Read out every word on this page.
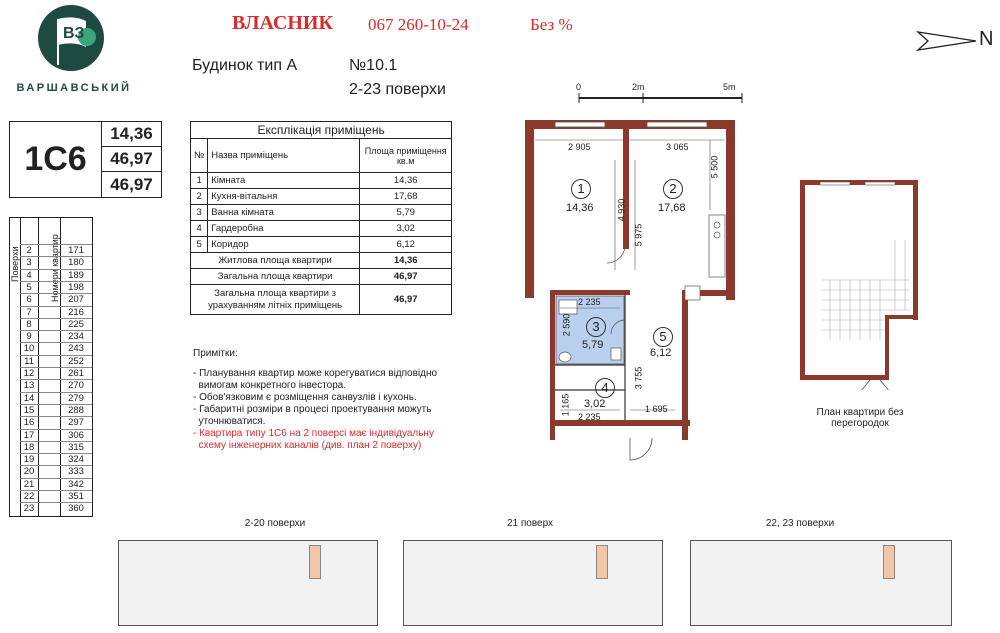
ВЗ
ВАРШАВСЬКИЙ
ВЛАСНИК 067 260-10-24	Без %
Будинок тип А	№10.1
2-23 поверхи
N
0	2m	5m
1С6
14,36
46,97
46,97
Поверхи	Номери квартир
2	171
3	180
4	189
5	198
6	207
7	216
8	225
9	234
10	243
11	252
12	261
13	270
14	279
15	288
16	297
17	306
18	315
19	324
20	333
21	342
22	351
23	360
Експлікація приміщень		
№	Назва приміщень	Площа приміщення кв.м
1	Кімната	14,36
2	Кухня-вітальня	17,68
3	Ванна кімната	5,79
4	Гардеробна	3,02
5	Коридор	6,12
Житлова площа квартири		14,36
Загальна площа квартири		46,97
Загальна площа квартири з урахуванням літніх приміщень		46,97
Примітки:
- Планування квартир може корегуватися відповідно
вимогам конкретного інвестора.
- Обов'язковим є розміщення санвузлів і кухонь.
- Габаритні розміри в процесі проектування можуть
уточнюватися.
- Квартира типу 1С6 на 2 поверсі має індивідуальну
схему інженерних каналів (див. план 2 поверху)
2 905	3 065
5 500
4 930
5 975
2 235
2 590
3 755
1 165
2 235
1 695
1
14,36
2
17,68
3
5,79
4
3,02
5
6,12
План квартири без перегородок
2-20 поверхи	21 поверх	22, 23 поверхи
